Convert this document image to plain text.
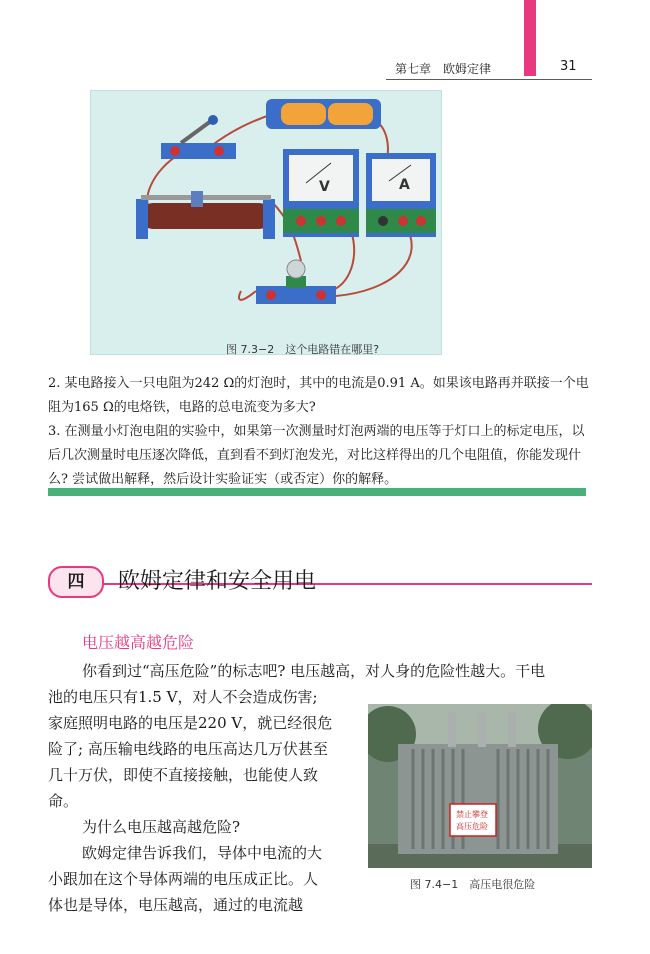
第七章　欧姆定律	31
V	A
图 7.3−2　这个电路错在哪里?
2. 某电路接入一只电阻为242 Ω的灯泡时，其中的电流是0.91 A。如果该电路再并联接一个电阻为165 Ω的电烙铁，电路的总电流变为多大?
3. 在测量小灯泡电阻的实验中，如果第一次测量时灯泡两端的电压等于灯口上的标定电压，以后几次测量时电压逐次降低，直到看不到灯泡发光，对比这样得出的几个电阻值，你能发现什么? 尝试做出解释，然后设计实验证实（或否定）你的解释。
四	欧姆定律和安全用电
电压越高越危险
你看到过“高压危险”的标志吧? 电压越高，对人身的危险性越大。干电
池的电压只有1.5 V，对人不会造成伤害;
家庭照明电路的电压是220 V，就已经很危
险了; 高压输电线路的电压高达几万伏甚至
几十万伏，即使不直接接触，也能使人致
命。
为什么电压越高越危险?
欧姆定律告诉我们，导体中电流的大
小跟加在这个导体两端的电压成正比。人
体也是导体，电压越高，通过的电流越
禁止攀登
高压危险
图 7.4−1　高压电很危险
